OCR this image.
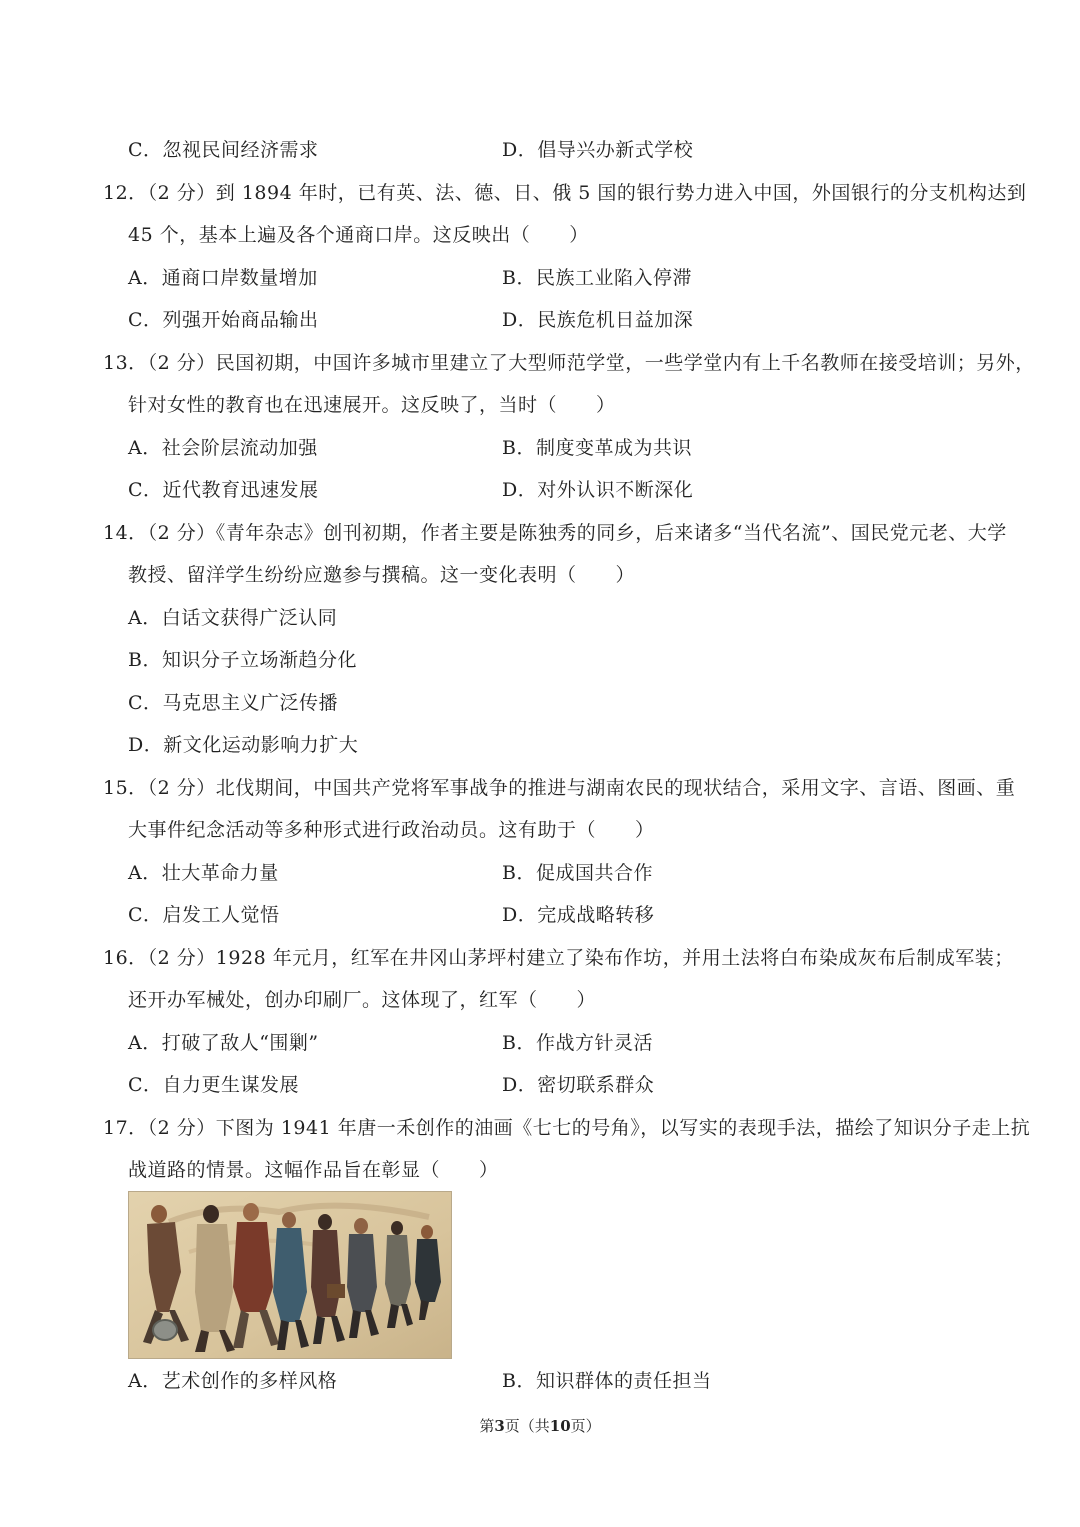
C．忽视民间经济需求	D．倡导兴办新式学校
12．（2 分）到 1894 年时，已有英、法、德、日、俄 5 国的银行势力进入中国，外国银行的分支机构达到
45 个，基本上遍及各个通商口岸。这反映出（　　）
A．通商口岸数量增加	B．民族工业陷入停滞
C．列强开始商品输出	D．民族危机日益加深
13．（2 分）民国初期，中国许多城市里建立了大型师范学堂，一些学堂内有上千名教师在接受培训；另外，
针对女性的教育也在迅速展开。这反映了，当时（　　）
A．社会阶层流动加强	B．制度变革成为共识
C．近代教育迅速发展	D．对外认识不断深化
14．（2 分）《青年杂志》创刊初期，作者主要是陈独秀的同乡，后来诸多“当代名流”、国民党元老、大学
教授、留洋学生纷纷应邀参与撰稿。这一变化表明（　　）
A．白话文获得广泛认同
B．知识分子立场渐趋分化
C．马克思主义广泛传播
D．新文化运动影响力扩大
15．（2 分）北伐期间，中国共产党将军事战争的推进与湖南农民的现状结合，采用文字、言语、图画、重
大事件纪念活动等多种形式进行政治动员。这有助于（　　）
A．壮大革命力量	B．促成国共合作
C．启发工人觉悟	D．完成战略转移
16．（2 分）1928 年元月，红军在井冈山茅坪村建立了染布作坊，并用土法将白布染成灰布后制成军装；
还开办军械处，创办印刷厂。这体现了，红军（　　）
A．打破了敌人“围剿”	B．作战方针灵活
C．自力更生谋发展	D．密切联系群众
17．（2 分）下图为 1941 年唐一禾创作的油画《七七的号角》，以写实的表现手法，描绘了知识分子走上抗
战道路的情景。这幅作品旨在彰显（　　）
A．艺术创作的多样风格	B．知识群体的责任担当
第3页（共10页）
